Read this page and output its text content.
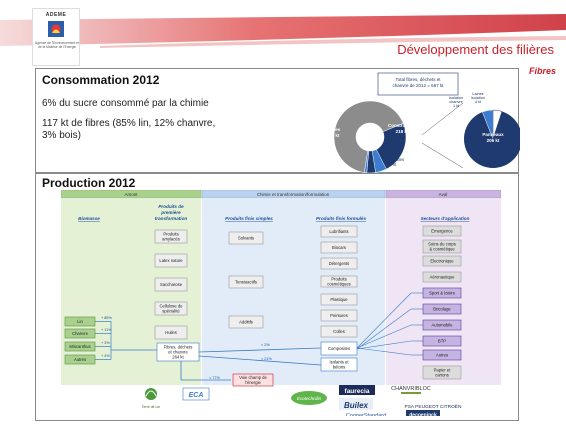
ADEME
Agence de l'Environnement et de la Maîtrise de l'Energie	Développement des filières
Fibres
Consommation 2012
6% du sucre consommé par la chimie
117 kt de fibres (85% lin, 12% chanvre,
3% bois)
Total fibres, déchets et
chanvre de 2012 = 667 kt
Autres
443 kt
Construction
218 kt
Composites
7 kt
Panneaux
206 kt
Isolation
chanvre
1 kt
Laines
isolation
4 kt
Production 2012
Amont	Chimie et transformation/formulation	Aval
Biomasse
Produits de
première
transformation	Produits finis simples	Produits finis formulés	Secteurs d'application
Lin
+ 85%
Chanvre
+ 11%
Miscanthus
+ 3%
Autres
+ 4%
Produits
amylacés
Latex nature
Saccharose
Cellulose de
spécialité
Huiles
Fibres, déchets
et chanvre
264 kt
Solvants
Tensioactifs
Additifs
Lubrifiants
Biocars
Détergents
Produits
cosmétiques
Plastique
Peintures
Colles
Composites
Isolants et
bétons
Emergence
Soins du corps
& cosmétique
Electronique
Aéronautique
Sport & loisirs
Bricolage
Automobile
BTP
Autres
Papier et
cartons
< 2%
< 21%
< 77%	Voie champ de
l'énergie
Terre de Lin
ECA	Ecotechnilin
faurecia	CHANVRIBLOC
Builex	PSA PEUGEOT CITROËN
CooperStandard	decoeninck
